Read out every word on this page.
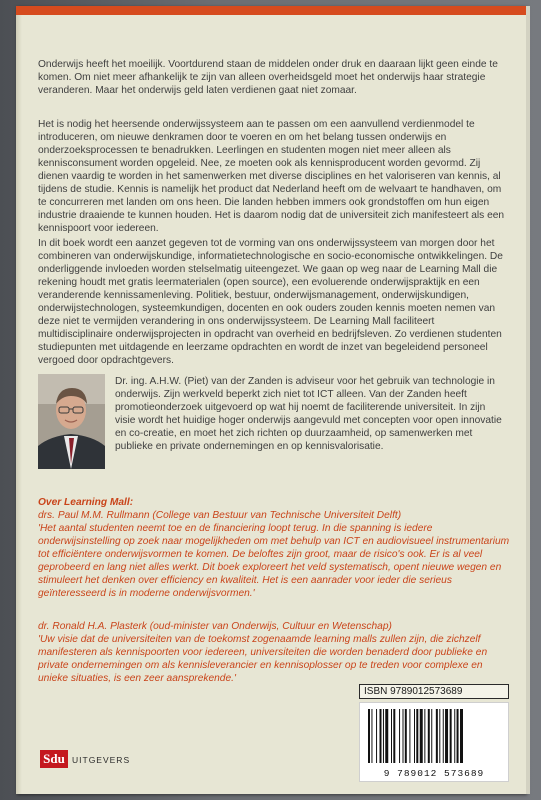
Onderwijs heeft het moeilijk. Voortdurend staan de middelen onder druk en daaraan lijkt geen einde te komen. Om niet meer afhankelijk te zijn van alleen overheidsgeld moet het onderwijs haar strategie veranderen. Maar het onderwijs geld laten verdienen gaat niet zomaar.

Het is nodig het heersende onderwijssysteem aan te passen om een aanvullend verdienmodel te introduceren, om nieuwe denkramen door te voeren en om het belang tussen onderwijs en onderzoeksprocessen te benadrukken. Leerlingen en studenten mogen niet meer alleen als kennisconsument worden opgeleid. Nee, ze moeten ook als kennisproducent worden gevormd. Zij dienen vaardig te worden in het samenwerken met diverse disciplines en het valoriseren van kennis, al tijdens de studie. Kennis is namelijk het product dat Nederland heeft om de welvaart te handhaven, om te concurreren met landen om ons heen. Die landen hebben immers ook grondstoffen om hun eigen industrie draaiende te kunnen houden. Het is daarom nodig dat de universiteit zich manifesteert als een kennispoort voor iedereen.

In dit boek wordt een aanzet gegeven tot de vorming van ons onderwijssysteem van morgen door het combineren van onderwijskundige, informatietechnologische en socio-economische ontwikkelingen. De onderliggende invloeden worden stelselmatig uiteengezet. We gaan op weg naar de Learning Mall die rekening houdt met gratis leermaterialen (open source), een evoluerende onderwijspraktijk en een veranderende kennissamenleving. Politiek, bestuur, onderwijsmanagement, onderwijskundigen, onderwijstechnologen, systeemkundigen, docenten en ook ouders zouden kennis moeten nemen van deze niet te vermijden verandering in ons onderwijssysteem. De Learning Mall faciliteert multidisciplinaire onderwijsprojecten in opdracht van overheid en bedrijfsleven. Zo verdienen studenten studiepunten met uitdagende en leerzame opdrachten en wordt de inzet van begeleidend personeel vergoed door opdrachtgevers.

Dr. ing. A.H.W. (Piet) van der Zanden is adviseur voor het gebruik van technologie in onderwijs. Zijn werkveld beperkt zich niet tot ICT alleen. Van der Zanden heeft promotieonderzoek uitgevoerd op wat hij noemt de faciliterende universiteit. In zijn visie wordt het huidige hoger onderwijs aangevuld met concepten voor open innovatie en co-creatie, en moet het zich richten op duurzaamheid, op samenwerken met publieke en private ondernemingen en op kennisvalorisatie.

Over Learning Mall:

drs. Paul M.M. Rullmann (College van Bestuur van Technische Universiteit Delft)

'Het aantal studenten neemt toe en de financiering loopt terug. In die spanning is iedere onderwijsinstelling op zoek naar mogelijkheden om met behulp van ICT en audiovisueel instrumentarium tot efficiëntere onderwijsvormen te komen. De beloftes zijn groot, maar de risico's ook. Er is al veel geprobeerd en lang niet alles werkt. Dit boek exploreert het veld systematisch, opent nieuwe wegen en stimuleert het denken over efficiency en kwaliteit. Het is een aanrader voor ieder die serieus geïnteresseerd is in moderne onderwijsvormen.'

dr. Ronald H.A. Plasterk (oud-minister van Onderwijs, Cultuur en Wetenschap)

'Uw visie dat de universiteiten van de toekomst zogenaamde learning malls zullen zijn, die zichzelf manifesteren als kennispoorten voor iedereen, universiteiten die worden benaderd door publieke en private ondernemingen om als kennisleverancier en kennisoplosser op te treden voor complexe en unieke situaties, is een zeer aansprekende.'

ISBN 9789012573689
9 789012 573689
Sdu UITGEVERS
